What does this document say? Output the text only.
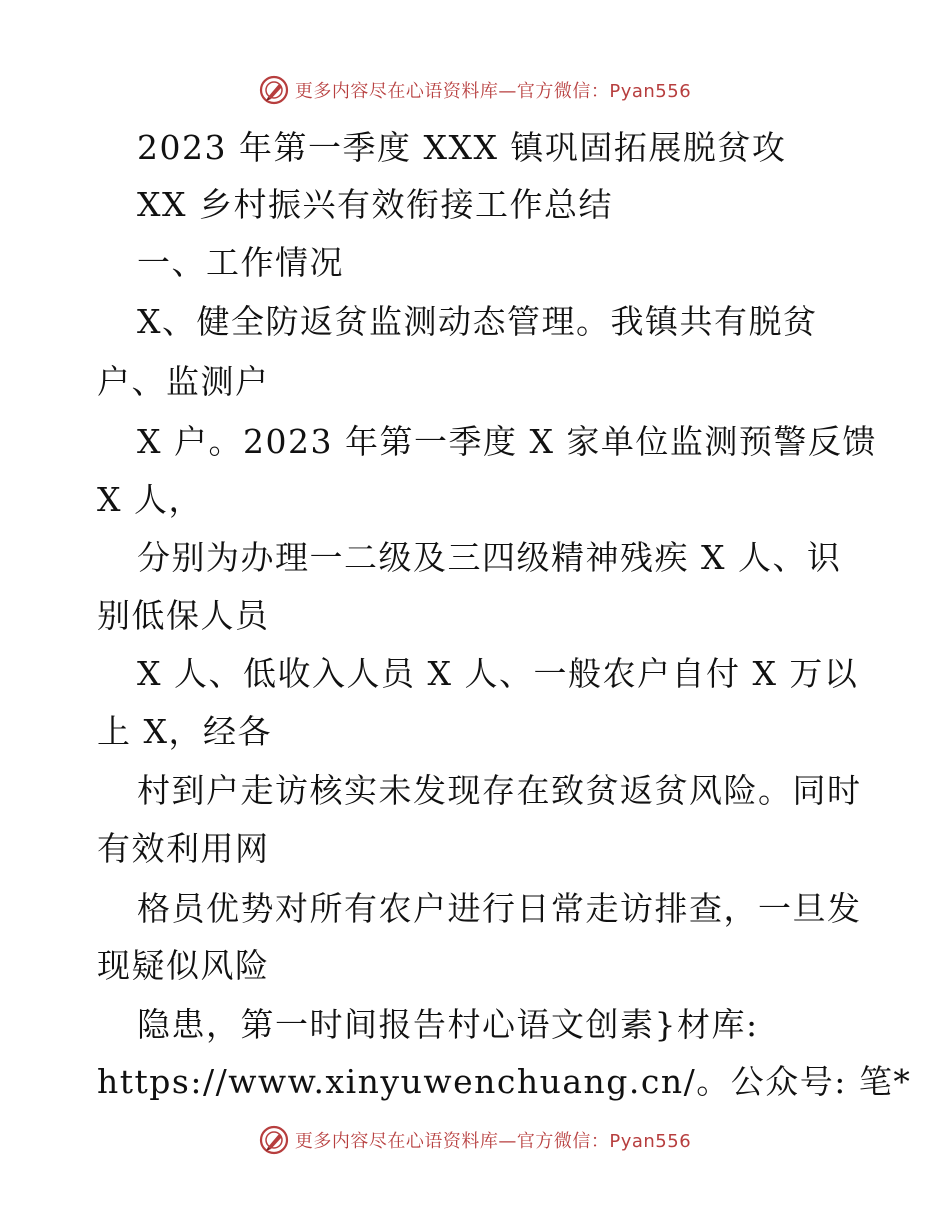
更多内容尽在心语资料库—官方微信：Pyan556
2023 年第一季度 XXX 镇巩固拓展脱贫攻
XX 乡村振兴有效衔接工作总结
一、工作情况
X、健全防返贫监测动态管理。我镇共有脱贫
户、监测户
X 户。2023 年第一季度 X 家单位监测预警反馈
X 人，
分别为办理一二级及三四级精神残疾 X 人、识
别低保人员
X 人、低收入人员 X 人、一般农户自付 X 万以
上 X，经各
村到户走访核实未发现存在致贫返贫风险。同时
有效利用网
格员优势对所有农户进行日常走访排查，一旦发
现疑似风险
隐患，第一时间报告村心语文创素}材库:
https://www.xinyuwenchuang.cn/。公众号: 笔*
更多内容尽在心语资料库—官方微信：Pyan556
